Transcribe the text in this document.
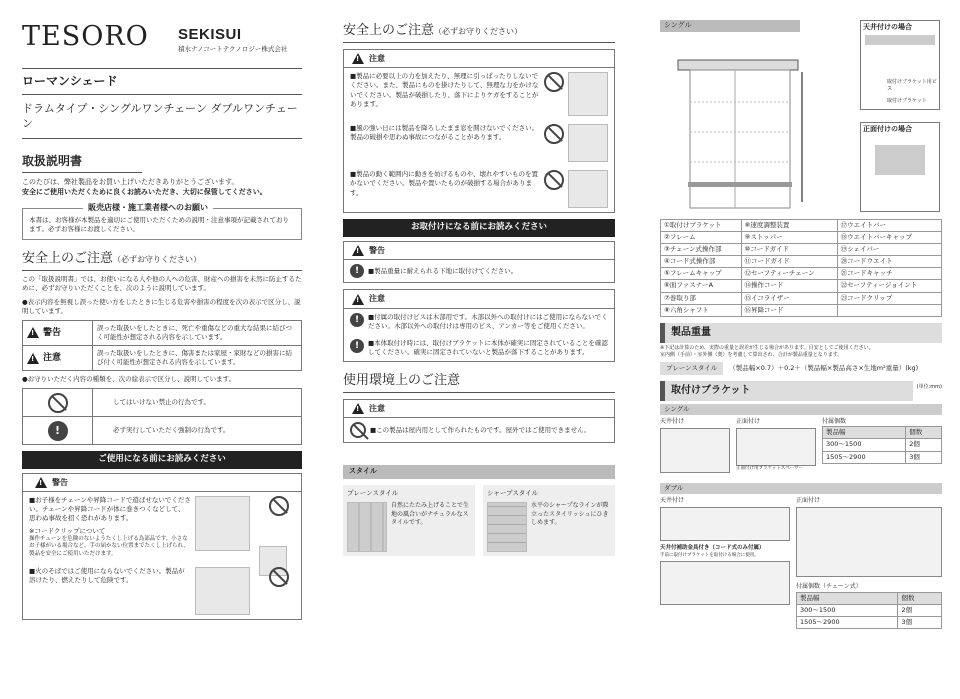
TESORO SEKISUI
積水ナノコートテクノロジー株式会社
ローマンシェード
ドラムタイプ・シングルワンチェーン ダブルワンチェーン
取扱説明書
このたびは、弊社製品をお買い上げいただきありがとうございます。
安全にご使用いただくために良くお読みいただき、大切に保管してください。
販売店様・施工業者様へのお願い
本書は、お客様が本製品を適切にご使用いただくための説明・注意事項が記載されております。必ずお客様にお渡しください。
安全上のご注意（必ずお守りください）
この「取扱説明書」では、お使いになる人や他の人への危害、財産への損害を未然に防止するために、必ずお守りいただくことを、次のように説明しています。
●表示内容を無視し誤った使い方をしたときに生じる危害や損害の程度を次の表示で区分し、説明しています。
!
警告	誤った取扱いをしたときに、死亡や重傷などの重大な結果に結びつく可能性が想定される内容を示しています。

!
注意	誤った取扱いをしたときに、傷害または家屋・家財などの損害に結び付く可能性が想定される内容を示しています。
●お守りいただく内容の種類を、次の絵表示で区分し、説明しています。
	してはいけない禁止の行為です。

!	必ず実行していただく強制の行為です。
ご使用になる前にお読みください
!
警告
■お子様をチェーンや昇降コードで遊ばせないでください。チェーンや昇降コードが体に巻きつくなどして、思わぬ事故を招く恐れがあります。
※コードクリップについて
操作チェーンを危険のないようたくし上げる為部品です。小さなお子様がいる場合など、手の届かない位置までたくし上げられ、製品を安全にご使用いただけます。
■火のそばではご使用にならないでください。製品が溶けたり、燃えたりして危険です。
安全上のご注意（必ずお守りください）
!
注意
■製品に必要以上の力を加えたり、無理に引っぱったりしないでください。また、製品にものを掛けたりして、無理な力をかけないでください。製品が破損したり、落下によりケガをすることがあります。
■風の強い日には製品を降ろしたまま窓を開けないでください。製品の破損や思わぬ事故につながることがあります。
■製品の動く範囲内に動きを妨げるものや、壊れやすいものを置かないでください。製品や置いたものが破損する場合があります。
お取付けになる前にお読みください
!
警告
!	■製品重量に耐えられる下地に取付けてください。
!
注意
!	■付属の取付けビスは木部用です。木部以外への取付けにはご使用にならないでください。木部以外への取付けは専用のビス、アンカー等をご使用ください。
!	■本体取付け時には、取付けブラケットに本体が確実に固定されていることを確認してください。確実に固定されていないと製品が落下することがあります。
使用環境上のご注意
!
注意
■この製品は屋内用として作られたものです。屋外ではご使用できません。
スタイル
プレーンスタイル
自然にたたみ上げることで生地の風合いがナチュラルなスタイルです。
シャープスタイル
水平のシャープなラインが際立ったスタイリッシュにひきしめます。
シングル	天井付けの場合
取付けブラケット用ビス
取付けブラケット
正面付けの場合
①取付けブラケット	⑧速度調整装置	⑰ウエイトバー
②フレーム	⑨ストッパー	⑱ウエイトバーキャップ
③チェーン式操作部	⑩コードガイド	⑲シェイバー
④コード式操作部	⑪コードガイド	⑳コードウエイト
⑤フレームキャップ	⑫セーフティーチェーン	㉑コードキャッチ
⑥面ファスナーA	⑭操作コード	㉒セーフティージョイント
⑦巻取り部	⑮イコライザー	㉓コードクリップ
⑧六角シャフト	⑯昇降コード	
製品重量
※下記は計算のため、実際の重量と誤差が生じる場合があります。目安としてご使用ください。
室内側（手前）・室外側（奥）を考慮して算出され、合計が製品重量となります。
プレーンスタイル	（製品幅×0.7）＋0.2＋（製品幅×製品高さ×生地m²重量）(kg)
取付けブラケット	(単位:mm)
シングル
天井付け	正面付け
正面付け用ブラケットスペーサー
付属個数
製品幅	個数
300～1500	2個
1505～2900	3個
ダブル
天井付け
天井付補助金具付き（コード式のみ付属）
手前に取付けブラケットを取付ける場合に使用。
正面付け
付属個数（チェーン式）
製品幅	個数
300～1500	2個
1505～2900	3個
